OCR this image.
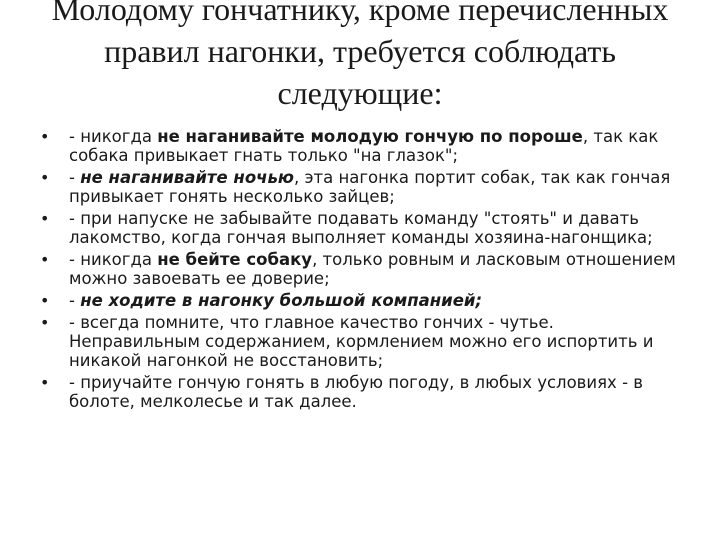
Молодому гончатнику, кроме перечисленных
правил нагонки, требуется соблюдать
следующие:
• - никогда не наганивайте молодую гончую по пороше, так как собака привыкает гнать только "на глазок";
• - не наганивайте ночью, эта нагонка портит собак, так как гончая привыкает гонять несколько зайцев;
• - при напуске не забывайте подавать команду "стоять" и давать лакомство, когда гончая выполняет команды хозяина-нагонщика;
• - никогда не бейте собаку, только ровным и ласковым отношением можно завоевать ее доверие;
• - не ходите в нагонку большой компанией;
• - всегда помните, что главное качество гончих - чутье. Неправильным содержанием, кормлением можно его испортить и никакой нагонкой не восстановить;
• - приучайте гончую гонять в любую погоду, в любых условиях - в болоте, мелколесье и так далее.
